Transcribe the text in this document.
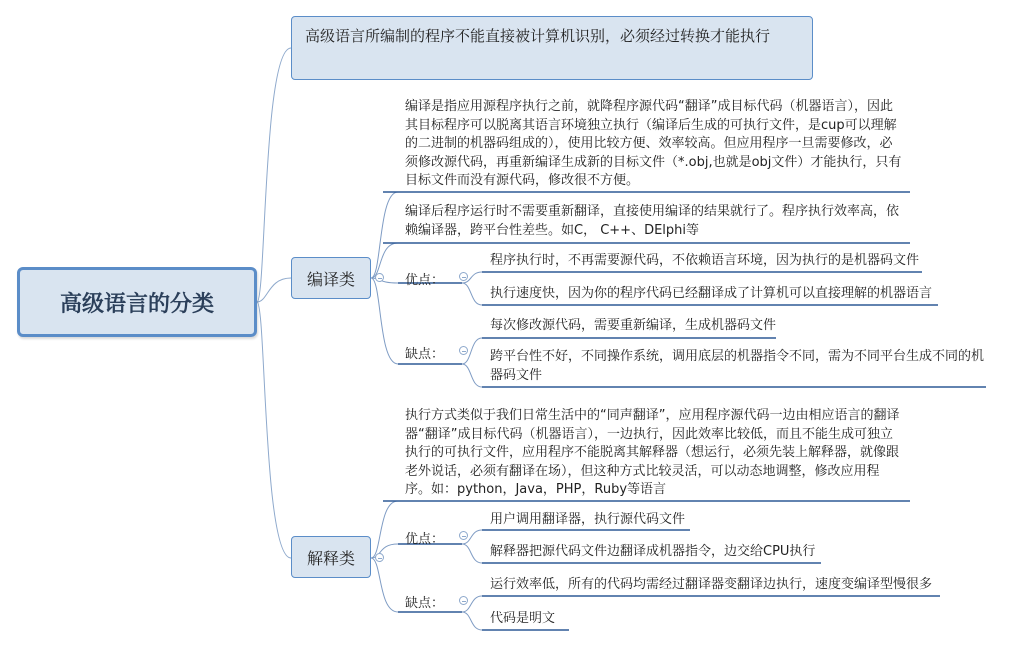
高级语言的分类
高级语言所编制的程序不能直接被计算机识别，必须经过转换才能执行
编译类
解释类
编译是指应用源程序执行之前，就降程序源代码“翻译”成目标代码（机器语言），因此其目标程序可以脱离其语言环境独立执行（编译后生成的可执行文件，是cup可以理解的二进制的机器码组成的），使用比较方便、效率较高。但应用程序一旦需要修改，必须修改源代码，再重新编译生成新的目标文件（*.obj,也就是obj文件）才能执行，只有目标文件而没有源代码，修改很不方便。
编译后程序运行时不需要重新翻译，直接使用编译的结果就行了。程序执行效率高，依赖编译器，跨平台性差些。如C， C++、DElphi等
优点：
程序执行时，不再需要源代码，不依赖语言环境，因为执行的是机器码文件
执行速度快，因为你的程序代码已经翻译成了计算机可以直接理解的机器语言
缺点：
每次修改源代码，需要重新编译，生成机器码文件
跨平台性不好，不同操作系统，调用底层的机器指令不同，需为不同平台生成不同的机器码文件
执行方式类似于我们日常生活中的“同声翻译”，应用程序源代码一边由相应语言的翻译器“翻译”成目标代码（机器语言），一边执行，因此效率比较低，而且不能生成可独立执行的可执行文件，应用程序不能脱离其解释器（想运行，必须先装上解释器，就像跟老外说话，必须有翻译在场），但这种方式比较灵活，可以动态地调整，修改应用程序。如：python，Java，PHP，Ruby等语言
优点：
用户调用翻译器，执行源代码文件
解释器把源代码文件边翻译成机器指令，边交给CPU执行
缺点：
运行效率低，所有的代码均需经过翻译器变翻译边执行，速度变编译型慢很多
代码是明文
